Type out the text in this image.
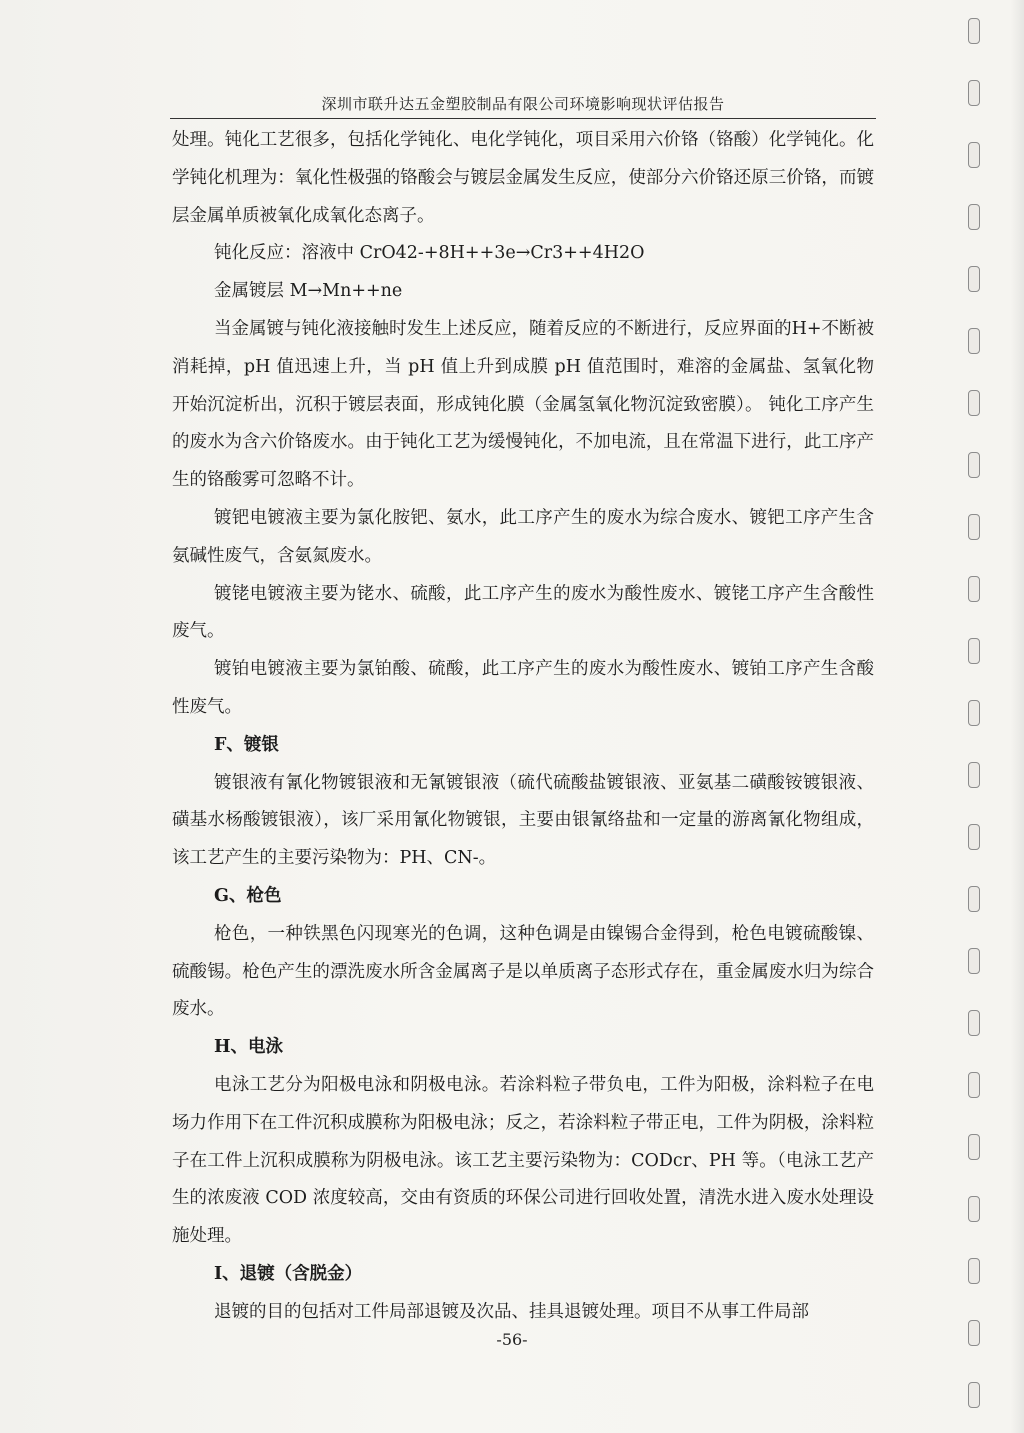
深圳市联升达五金塑胶制品有限公司环境影响现状评估报告

处理。钝化工艺很多，包括化学钝化、电化学钝化，项目采用六价铬（铬酸）化学钝化。化学钝化机理为：氧化性极强的铬酸会与镀层金属发生反应，使部分六价铬还原三价铬，而镀层金属单质被氧化成氧化态离子。

钝化反应：溶液中 CrO42-+8H++3e→Cr3++4H2O

金属镀层 M→Mn++ne

当金属镀与钝化液接触时发生上述反应，随着反应的不断进行，反应界面的H+不断被消耗掉，pH 值迅速上升，当 pH 值上升到成膜 pH 值范围时，难溶的金属盐、氢氧化物开始沉淀析出，沉积于镀层表面，形成钝化膜（金属氢氧化物沉淀致密膜）。 钝化工序产生的废水为含六价铬废水。由于钝化工艺为缓慢钝化，不加电流，且在常温下进行，此工序产生的铬酸雾可忽略不计。

镀钯电镀液主要为氯化胺钯、氨水，此工序产生的废水为综合废水、镀钯工序产生含氨碱性废气，含氨氮废水。

镀铑电镀液主要为铑水、硫酸，此工序产生的废水为酸性废水、镀铑工序产生含酸性废气。

镀铂电镀液主要为氯铂酸、硫酸，此工序产生的废水为酸性废水、镀铂工序产生含酸性废气。

F、镀银

镀银液有氰化物镀银液和无氰镀银液（硫代硫酸盐镀银液、亚氨基二磺酸铵镀银液、磺基水杨酸镀银液），该厂采用氰化物镀银，主要由银氰络盐和一定量的游离氰化物组成，该工艺产生的主要污染物为：PH、CN-。

G、枪色

枪色，一种铁黑色闪现寒光的色调，这种色调是由镍锡合金得到，枪色电镀硫酸镍、硫酸锡。枪色产生的漂洗废水所含金属离子是以单质离子态形式存在，重金属废水归为综合废水。

H、电泳

电泳工艺分为阳极电泳和阴极电泳。若涂料粒子带负电，工件为阳极，涂料粒子在电场力作用下在工件沉积成膜称为阳极电泳；反之，若涂料粒子带正电，工件为阴极，涂料粒子在工件上沉积成膜称为阴极电泳。该工艺主要污染物为：CODcr、PH 等。（电泳工艺产生的浓废液 COD 浓度较高，交由有资质的环保公司进行回收处置，清洗水进入废水处理设施处理。

I、退镀（含脱金）

退镀的目的包括对工件局部退镀及次品、挂具退镀处理。项目不从事工件局部

-56-
